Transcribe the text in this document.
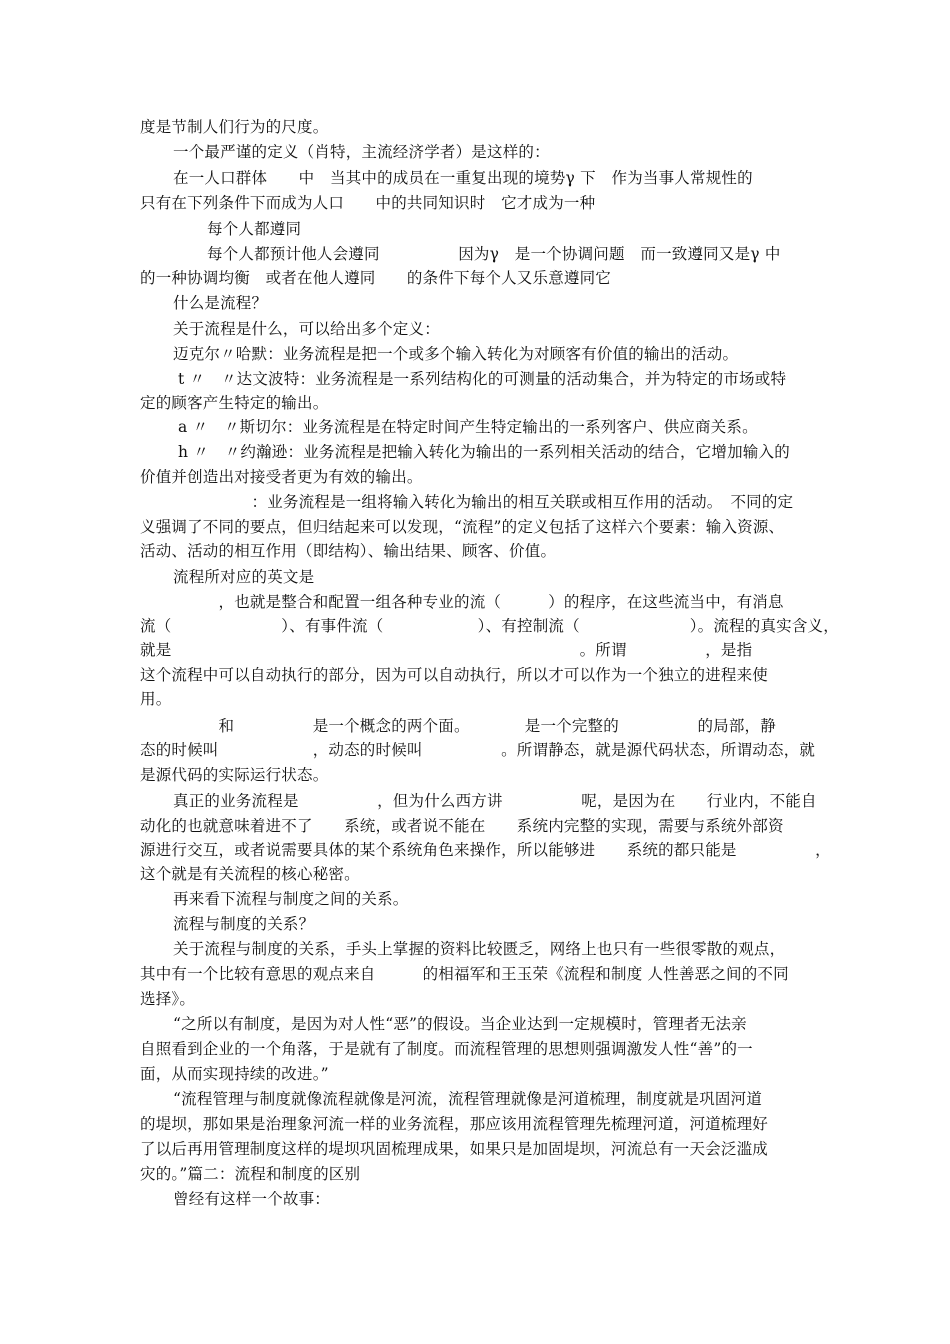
度是节制人们行为的尺度。
一个最严谨的定义（肖特，主流经济学者）是这样的：
在一人口群体　　中　当其中的成员在一重复出现的境势γ 下　作为当事人常规性的
只有在下列条件下而成为人口　　中的共同知识时　它才成为一种
每个人都遵同
每个人都预计他人会遵同　　　　　因为γ　是一个协调问题　而一致遵同又是γ 中
的一种协调均衡　或者在他人遵同　　的条件下每个人又乐意遵同它
什么是流程？
关于流程是什么，可以给出多个定义：
迈克尔〃哈默：业务流程是把一个或多个输入转化为对顾客有价值的输出的活动。
t 〃　〃达文波特：业务流程是一系列结构化的可测量的活动集合，并为特定的市场或特
定的顾客产生特定的输出。
a 〃　〃斯切尔：业务流程是在特定时间产生特定输出的一系列客户、供应商关系。
h 〃　〃约瀚逊：业务流程是把输入转化为输出的一系列相关活动的结合，它增加输入的
价值并创造出对接受者更为有效的输出。
　　　　　：业务流程是一组将输入转化为输出的相互关联或相互作用的活动。　不同的定
义强调了不同的要点，但归结起来可以发现，“流程”的定义包括了这样六个要素：输入资源、
活动、活动的相互作用（即结构）、输出结果、顾客、价值。
流程所对应的英文是
　　　　　，也就是整合和配置一组各种专业的流（　　　）的程序，在这些流当中，有消息
流（　　　　　　　）、有事件流（　　　　　　）、有控制流（　　　　　　　）。流程的真实含义，
就是　　　　　　　　　　　　　　　　　　　　　　　　　　。所谓　　　　　，是指
这个流程中可以自动执行的部分，因为可以自动执行，所以才可以作为一个独立的进程来使
用。
　　　　　和　　　　　是一个概念的两个面。　　　　是一个完整的　　　　　的局部，静
态的时候叫　　　　　　，动态的时候叫　　　　　。所谓静态，就是源代码状态，所谓动态，就
是源代码的实际运行状态。
真正的业务流程是　　　　　，但为什么西方讲　　　　　呢，是因为在　　行业内，不能自
动化的也就意味着进不了　　系统，或者说不能在　　系统内完整的实现，需要与系统外部资
源进行交互，或者说需要具体的某个系统角色来操作，所以能够进　　系统的都只能是　　　　　，
这个就是有关流程的核心秘密。
再来看下流程与制度之间的关系。
流程与制度的关系？
关于流程与制度的关系，手头上掌握的资料比较匮乏，网络上也只有一些很零散的观点，
其中有一个比较有意思的观点来自　　　的相福军和王玉荣《流程和制度 人性善恶之间的不同
选择》。
“之所以有制度，是因为对人性“恶”的假设。当企业达到一定规模时，管理者无法亲
自照看到企业的一个角落，于是就有了制度。而流程管理的思想则强调激发人性“善”的一
面，从而实现持续的改进。”
“流程管理与制度就像流程就像是河流，流程管理就像是河道梳理，制度就是巩固河道
的堤坝，那如果是治理象河流一样的业务流程，那应该用流程管理先梳理河道，河道梳理好
了以后再用管理制度这样的堤坝巩固梳理成果，如果只是加固堤坝，河流总有一天会泛滥成
灾的。”篇二：流程和制度的区别
曾经有这样一个故事：
